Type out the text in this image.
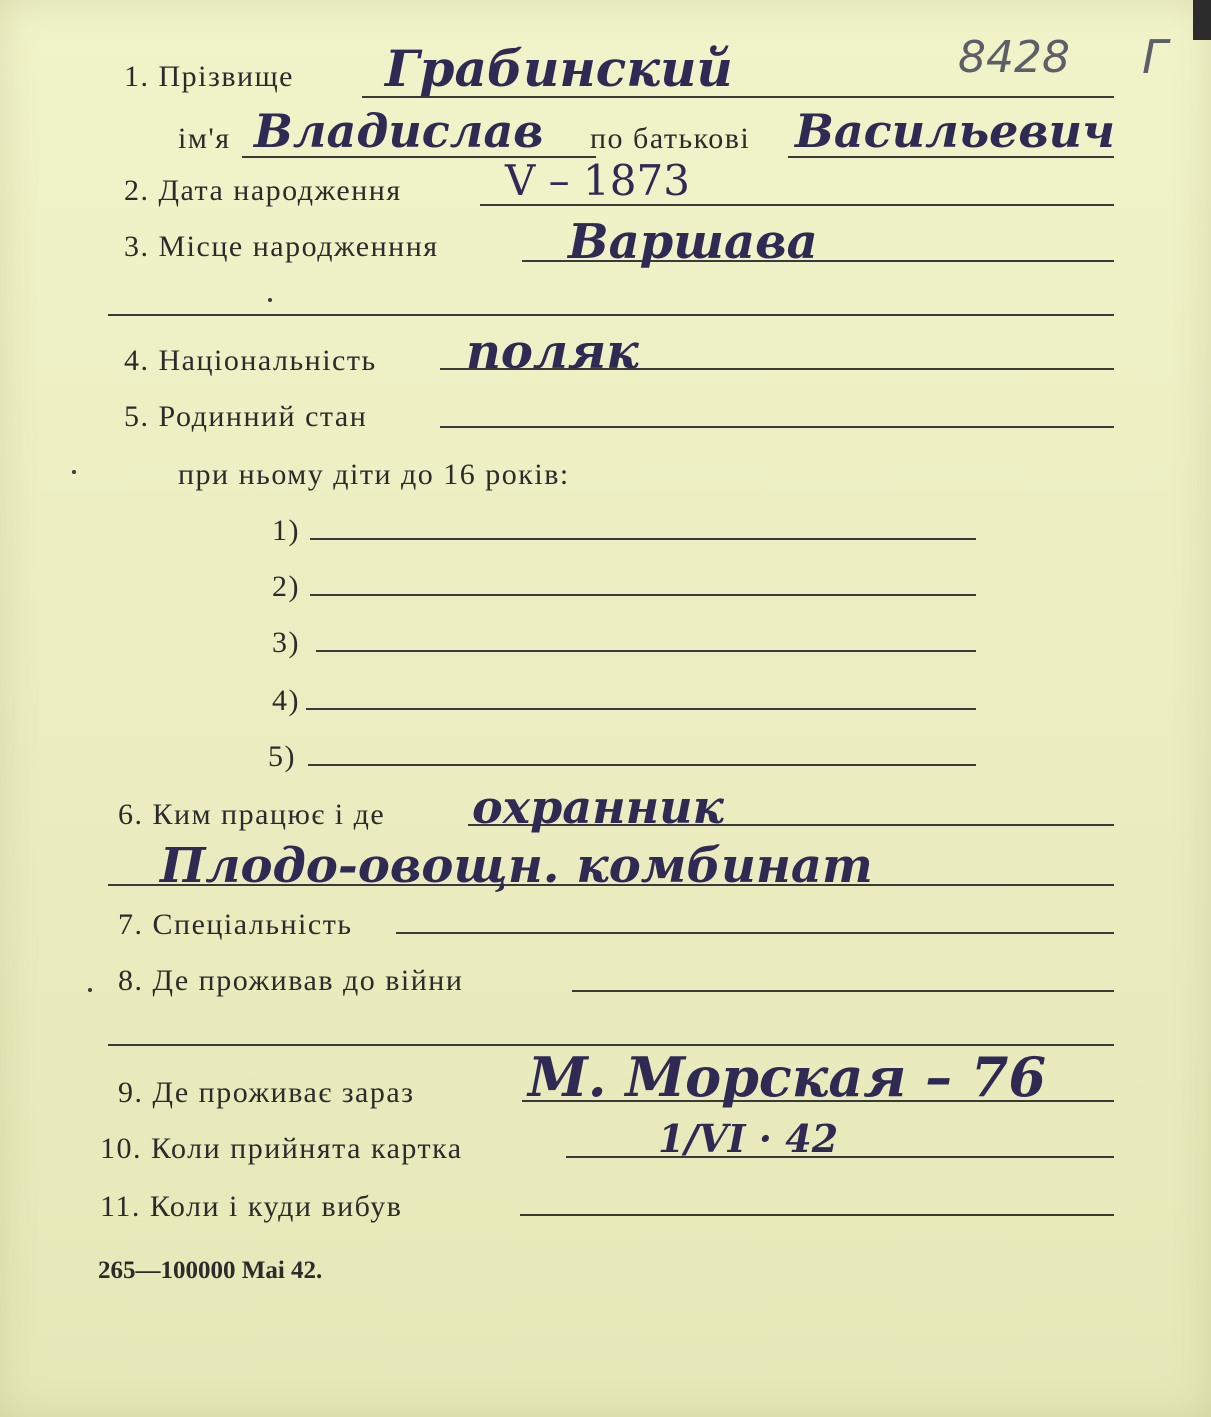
8428 Г
1. Прізвище Грабинский
ім'я Владислав по батькові Васильевич
2. Дата народження V – 1873
3. Місце народженння	Варшава
4. Національність поляк
5. Родинний стан
при ньому діти до 16 років:
1)
2)
3)
4)
5)
6. Ким працює і де охранник
Плодо-овощн. комбинат
7. Спеціальність
8. Де проживав до війни
9. Де проживає зараз М. Морская – 76
10. Коли прийнята картка	1/VI · 42
11. Коли і куди вибув
265—100000 Mai 42.
